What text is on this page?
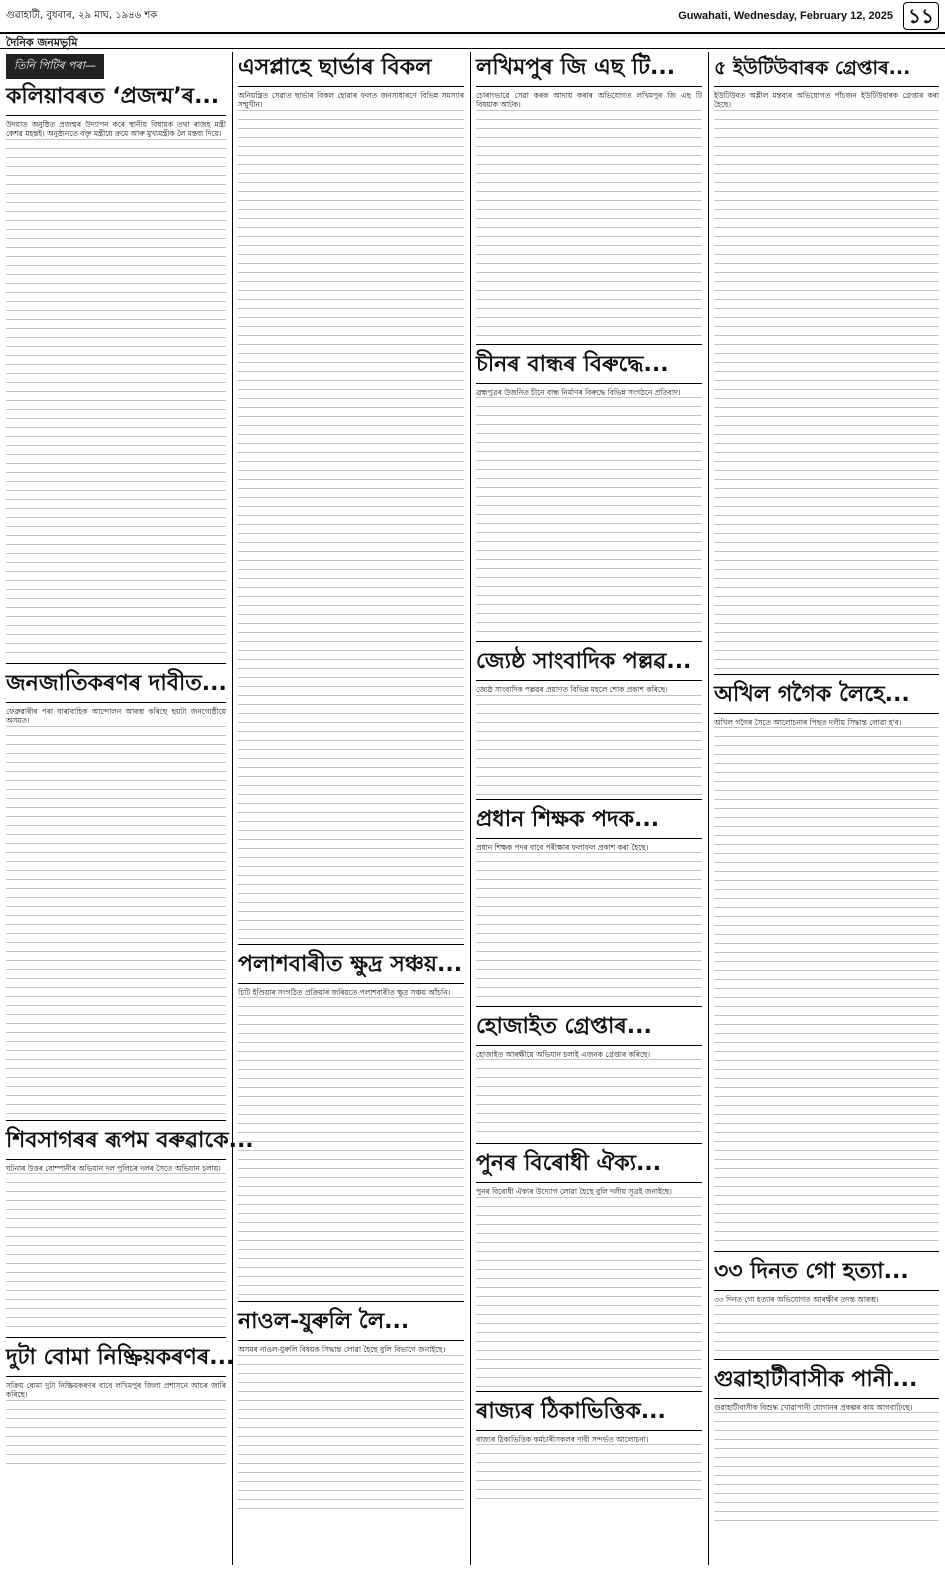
গুৱাহাটী, বুধবাৰ, ২৯ মাঘ, ১৯৪৬ শক	Guwahati, Wednesday, February 12, 2025 ১১
দৈনিক জনমভূমি
তিনি পিটিৰ পৰা—
কলিয়াবৰত ‘প্ৰজন্ম’ৰ...
উদয়াত অনুষ্ঠিত প্ৰজন্মৰ উদ্যাপন কৰে স্থানীয় বিধায়ক তথা ৰাজহ মন্ত্ৰী কেশৱ মহন্তই। অনুষ্ঠানতে বক্তৃ মন্ত্ৰীয়ে ক্ৰমে আৰু মুখ্যমন্ত্ৰীক লৈ মন্তব্য দিয়ে।
জনজাতিকৰণৰ দাবীত...
ফেব্ৰুৱাৰীৰ পৰা ধাৰাবাহিক আন্দোলন আৰম্ভ কৰিছে ছয়টা জনগোষ্ঠীয়ে অসমত।
শিবসাগৰৰ ৰূপম বৰুৱাকে...
ঘটনাৰ উত্তৰ বোম্পানীৰ অভিযান দল পুলিচৰ দলৰ সৈতে অভিযান চলায়।
দুটা বোমা নিষ্ক্ৰিয়কৰণৰ...
সক্ৰিয় বোমা দুটা নিষ্ক্ৰিয়কৰণৰ বাবে লখিমপুৰ জিলা প্ৰশাসনে আচৰ জাৰি কৰিছে।
এসপ্লাহে ছাৰ্ভাৰ বিকল
অনিয়ন্ত্ৰিত সেৱাত ছাৰ্ভাৰ বিকল হোৱাৰ ফলত জনসাধাৰণে বিভিন্ন সমস্যাৰ সন্মুখীন।
পলাশবাৰীত ক্ষুদ্ৰ সঞ্চয়...
চিটি ইণ্ডিয়াৰ সংগঠিত প্ৰক্ৰিয়াৰ জৰিয়তে পলাশবাৰীত ক্ষুদ্ৰ সঞ্চয় আঁচনি।
নাওল-যুৰুলি লৈ...
অসমৰ নাওল-যুৰুলি বিষয়ক সিদ্ধান্ত লোৱা হৈছে বুলি বিভাগে জনাইছে।
লখিমপুৰ জি এছ টি...
চোৰাংভাৱে সেৱা কৰক আদায় কৰাৰ অভিযোগত লখিমপুৰ জি এছ টি বিষয়াক আটক।
চীনৰ বান্ধৰ বিৰুদ্ধে...
ব্ৰহ্মপুত্ৰৰ উজনিত চীনে বান্ধ নিৰ্মাণৰ বিৰুদ্ধে বিভিন্ন সংগঠনে প্ৰতিবাদ।
জ্যেষ্ঠ সাংবাদিক পল্লৱ...
জ্যেষ্ঠ সাংবাদিক পল্লৱৰ প্ৰয়াণত বিভিন্ন মহলে শোক প্ৰকাশ কৰিছে।
প্ৰধান শিক্ষক পদক...
প্ৰধান শিক্ষক পদৰ বাবে পৰীক্ষাৰ ফলাফল প্ৰকাশ কৰা হৈছে।
হোজাইত গ্ৰেপ্তাৰ...
হোজাইত আৰক্ষীয়ে অভিযান চলাই এজনক গ্ৰেপ্তাৰ কৰিছে।
পুনৰ বিৰোধী ঐক্য...
পুনৰ বিৰোধী ঐক্যৰ উদ্যোগ লোৱা হৈছে বুলি দলীয় সূত্ৰই জনাইছে।
ৰাজ্যৰ ঠিকাভিত্তিক...
ৰাজ্যৰ ঠিকাভিত্তিক কৰ্মচাৰীসকলৰ দাবী সন্দৰ্ভত আলোচনা।
৫ ইউটিউবাৰক গ্ৰেপ্তাৰ...
ইউটিউবত অশ্লীল মন্তব্যৰ অভিযোগত পাঁচজন ইউটিউবাৰক গ্ৰেপ্তাৰ কৰা হৈছে।
অখিল গগৈক লৈহে...
অখিল গগৈৰ সৈতে আলোচনাৰ পিছত দলীয় সিদ্ধান্ত লোৱা হ'ব।
৩৩ দিনত গো হত্যা...
৩৩ দিনত গো হত্যাৰ অভিযোগত আৰক্ষীৰ তদন্ত আৰম্ভ।
গুৱাহাটীবাসীক পানী...
গুৱাহাটীবাসীক বিশুদ্ধ খোৱাপানী যোগানৰ প্ৰকল্পৰ কাম আগবাঢ়িছে।
